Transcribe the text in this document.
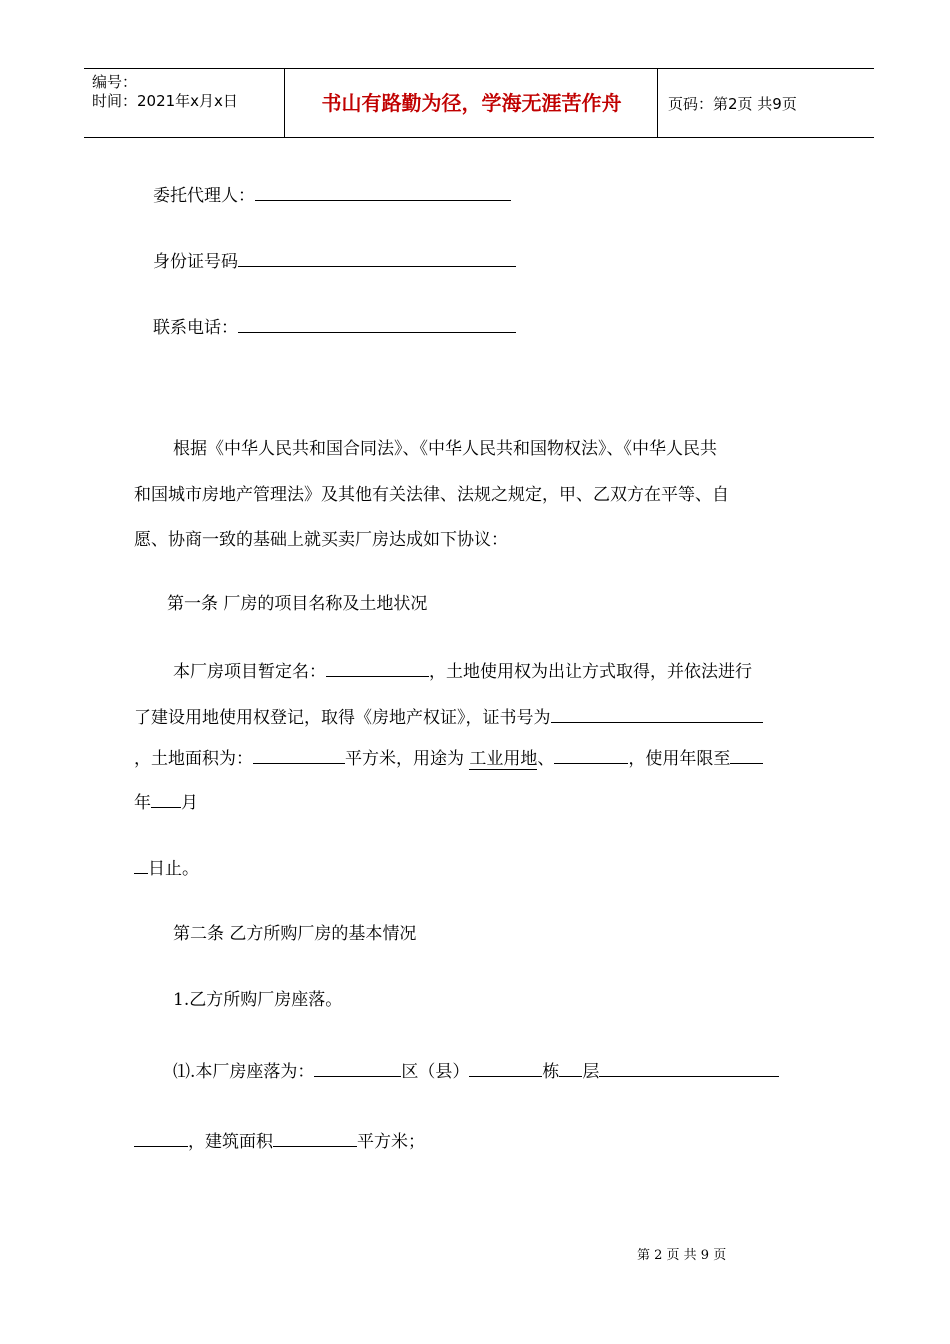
编号：
时间：2021年x月x日	书山有路勤为径，学海无涯苦作舟	页码：第2页 共9页
委托代理人：
身份证号码
联系电话：
根据《中华人民共和国合同法》、《中华人民共和国物权法》、《中华人民共
和国城市房地产管理法》及其他有关法律、法规之规定，甲、乙双方在平等、自
愿、协商一致的基础上就买卖厂房达成如下协议：
第一条 厂房的项目名称及土地状况
本厂房项目暂定名：	，土地使用权为出让方式取得，并依法进行
了建设用地使用权登记，取得《房地产权证》，证书号为
，土地面积为：	平方米，用途为 工业用地、	，使用年限至
年 月
日止。
第二条 乙方所购厂房的基本情况
1.乙方所购厂房座落。
⑴.本厂房座落为：	区（县）	栋 层
，建筑面积	平方米；
第 2 页 共 9 页
